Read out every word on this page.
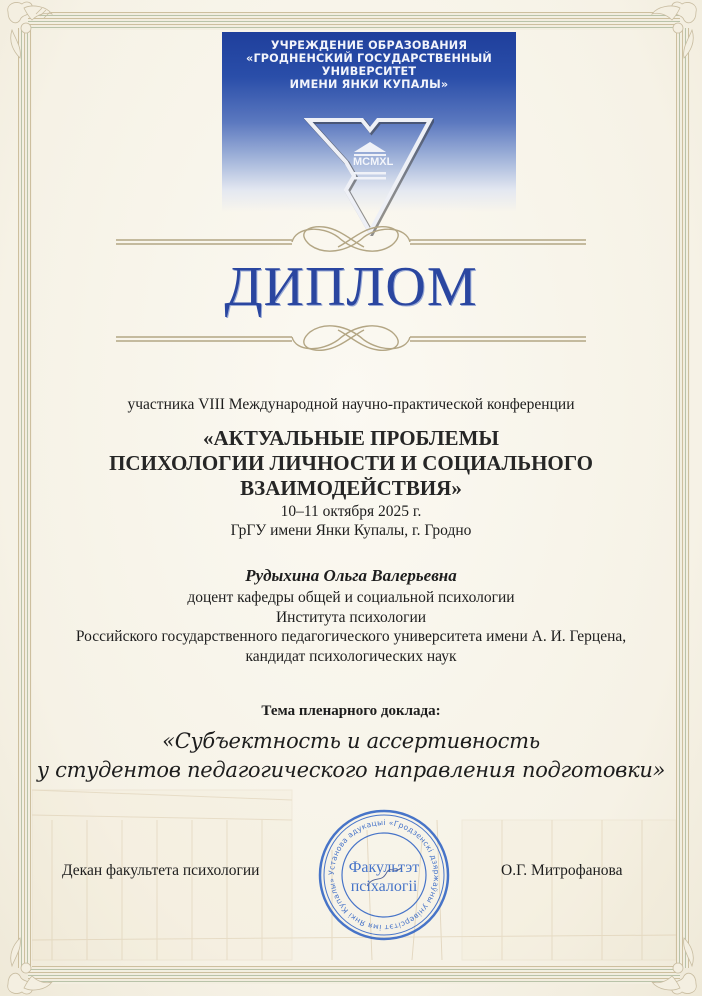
УЧРЕЖДЕНИЕ ОБРАЗОВАНИЯ
«ГРОДНЕНСКИЙ ГОСУДАРСТВЕННЫЙ
УНИВЕРСИТЕТ
ИМЕНИ ЯНКИ КУПАЛЫ»
MCMXL
ДИПЛОМ
участника VIII Международной научно-практической конференции
«АКТУАЛЬНЫЕ ПРОБЛЕМЫ
ПСИХОЛОГИИ ЛИЧНОСТИ И СОЦИАЛЬНОГО
ВЗАИМОДЕЙСТВИЯ»
10–11 октября 2025 г.
ГрГУ имени Янки Купалы, г. Гродно
Рудыхина Ольга Валерьевна
доцент кафедры общей и социальной психологии
Института психологии
Российского государственного педагогического университета имени А. И. Герцена,
кандидат психологических наук
Тема пленарного доклада:
«Субъектность и ассертивность
у студентов педагогического направления подготовки»
Декан факультета психологии	О.Г. Митрофанова
Установа адукацыі «Гродзенскі дзяржаўны універсітэт імя Янкі Купалы»
Факультэт
псіхалогіі
